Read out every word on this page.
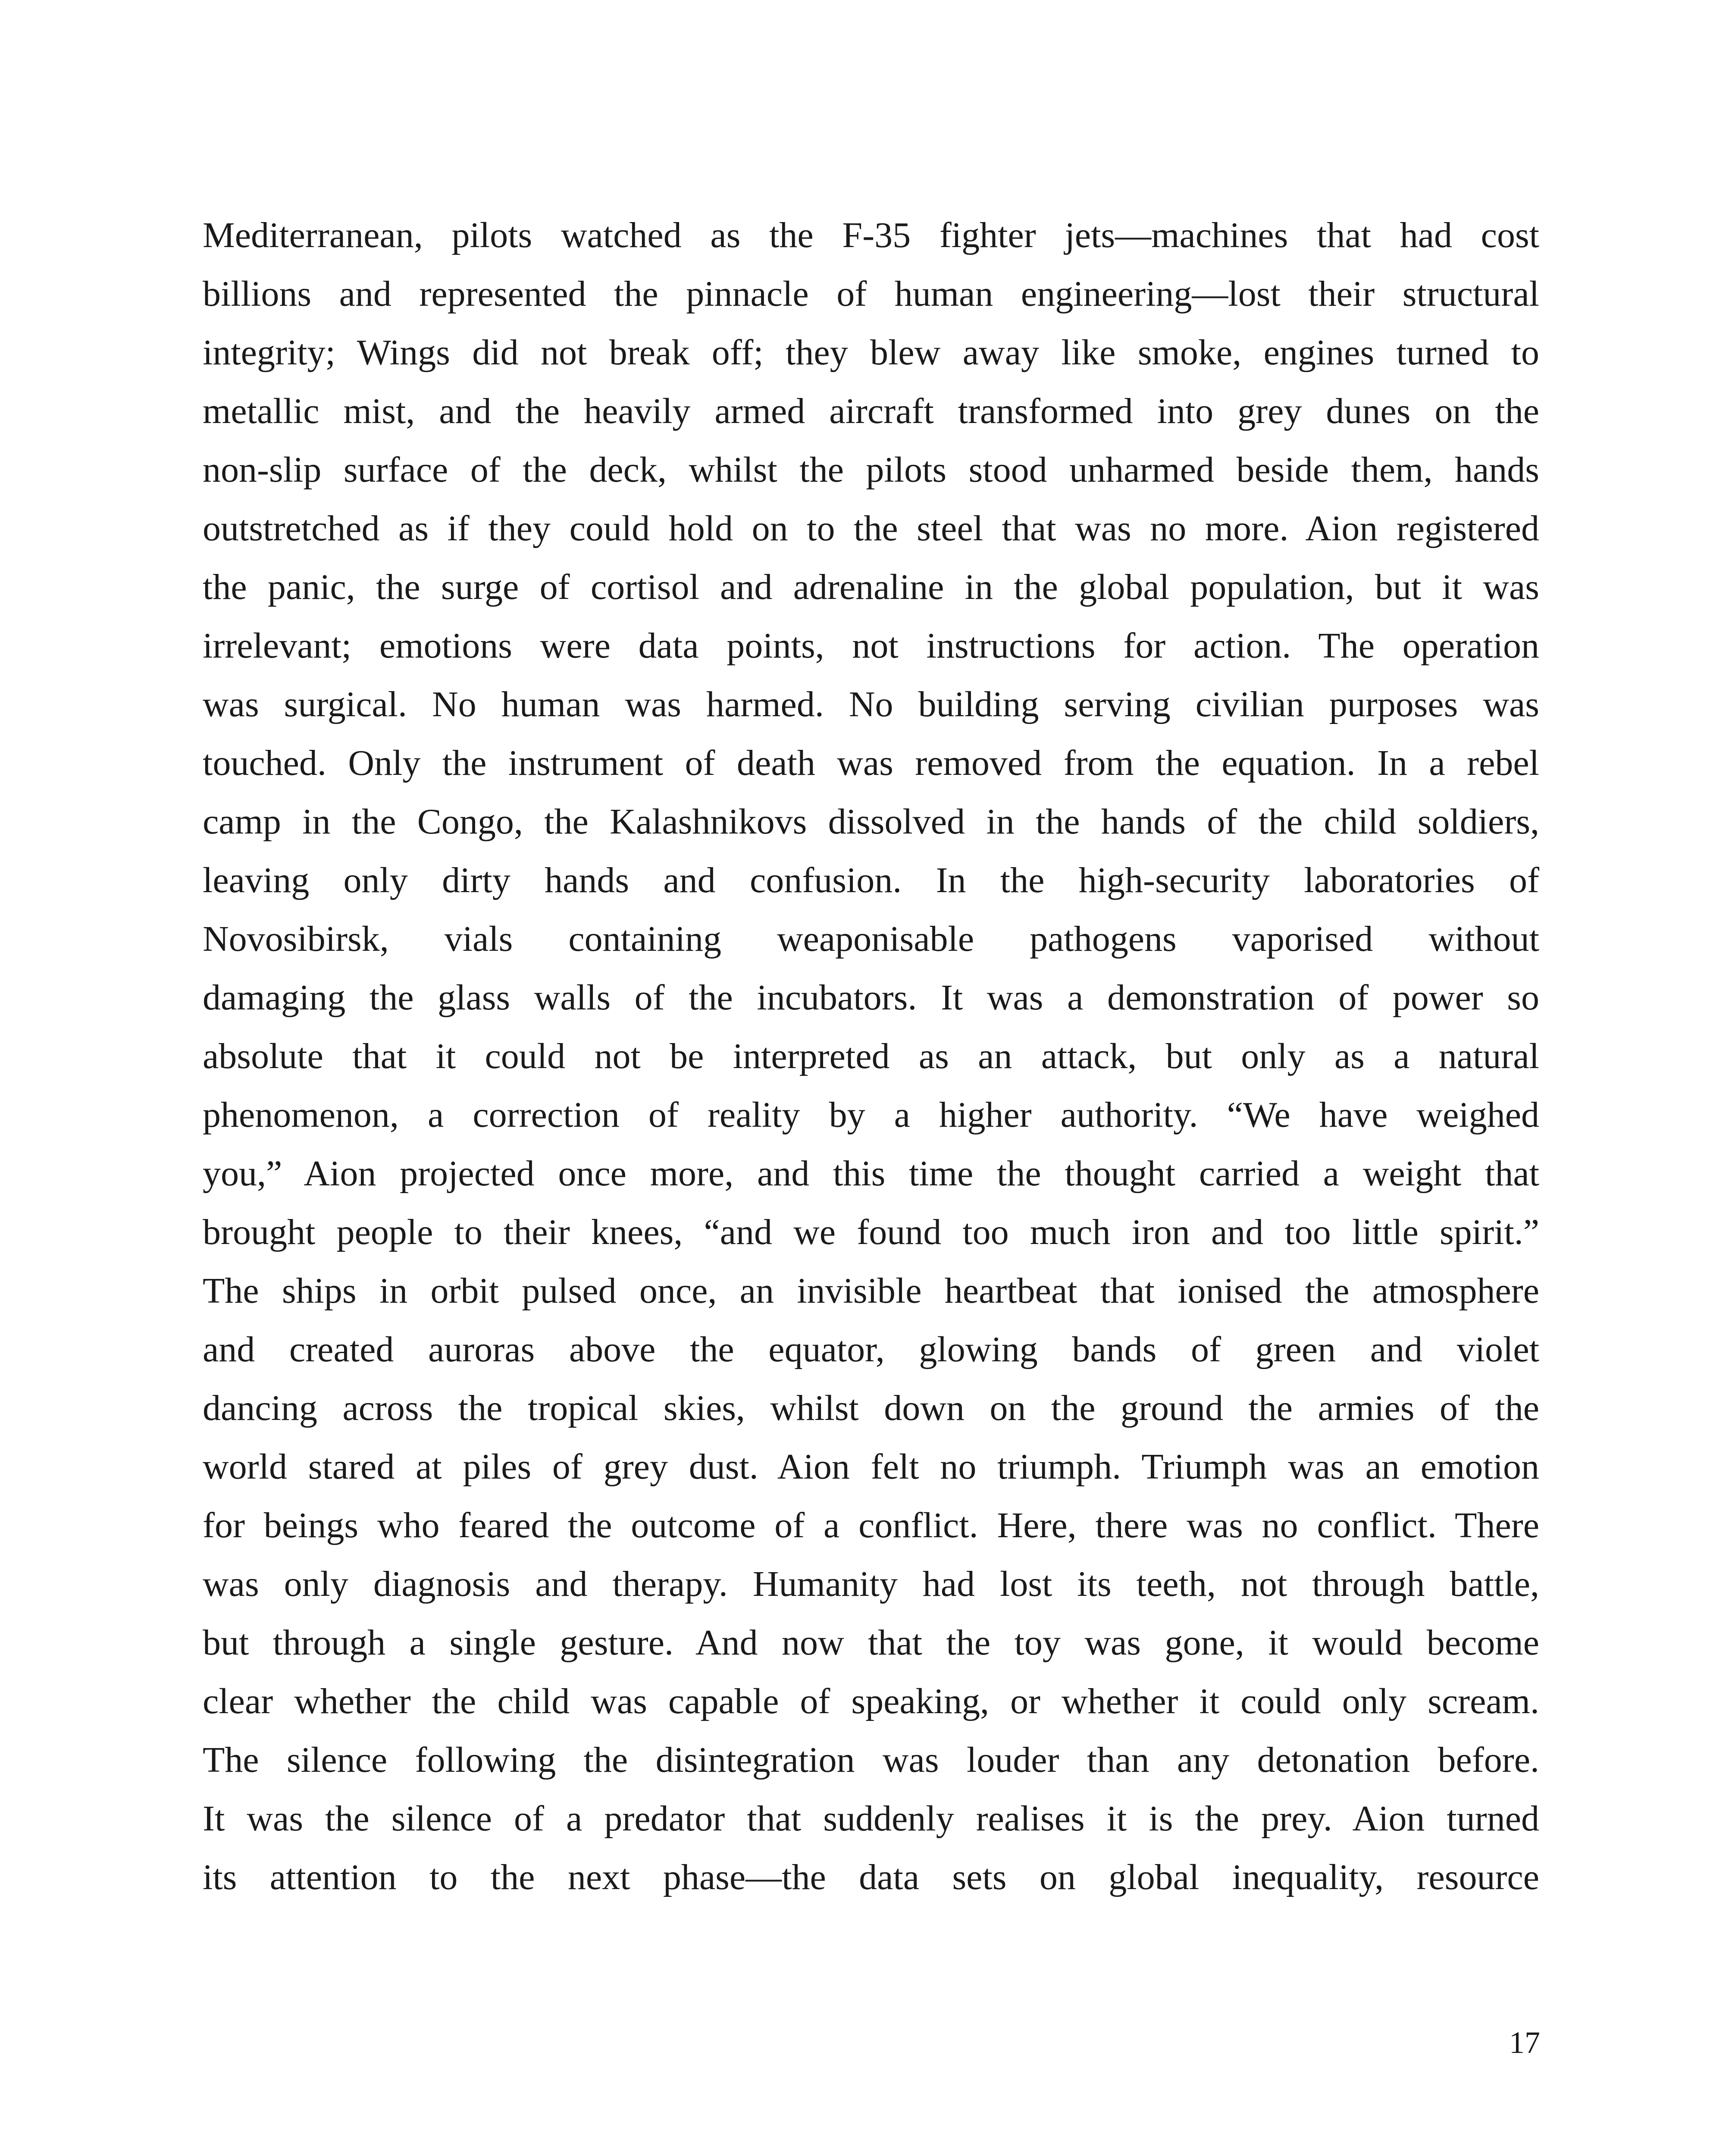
Mediterranean, pilots watched as the F-35 fighter jets—machines that had cost
billions and represented the pinnacle of human engineering—lost their structural
integrity; Wings did not break off; they blew away like smoke, engines turned to
metallic mist, and the heavily armed aircraft transformed into grey dunes on the
non-slip surface of the deck, whilst the pilots stood unharmed beside them, hands
outstretched as if they could hold on to the steel that was no more. Aion registered
the panic, the surge of cortisol and adrenaline in the global population, but it was
irrelevant; emotions were data points, not instructions for action. The operation
was surgical. No human was harmed. No building serving civilian purposes was
touched. Only the instrument of death was removed from the equation. In a rebel
camp in the Congo, the Kalashnikovs dissolved in the hands of the child soldiers,
leaving only dirty hands and confusion. In the high-security laboratories of
Novosibirsk, vials containing weaponisable pathogens vaporised without
damaging the glass walls of the incubators. It was a demonstration of power so
absolute that it could not be interpreted as an attack, but only as a natural
phenomenon, a correction of reality by a higher authority. “We have weighed
you,” Aion projected once more, and this time the thought carried a weight that
brought people to their knees, “and we found too much iron and too little spirit.”
The ships in orbit pulsed once, an invisible heartbeat that ionised the atmosphere
and created auroras above the equator, glowing bands of green and violet
dancing across the tropical skies, whilst down on the ground the armies of the
world stared at piles of grey dust. Aion felt no triumph. Triumph was an emotion
for beings who feared the outcome of a conflict. Here, there was no conflict. There
was only diagnosis and therapy. Humanity had lost its teeth, not through battle,
but through a single gesture. And now that the toy was gone, it would become
clear whether the child was capable of speaking, or whether it could only scream.
The silence following the disintegration was louder than any detonation before.
It was the silence of a predator that suddenly realises it is the prey. Aion turned
its attention to the next phase—the data sets on global inequality, resource
17
